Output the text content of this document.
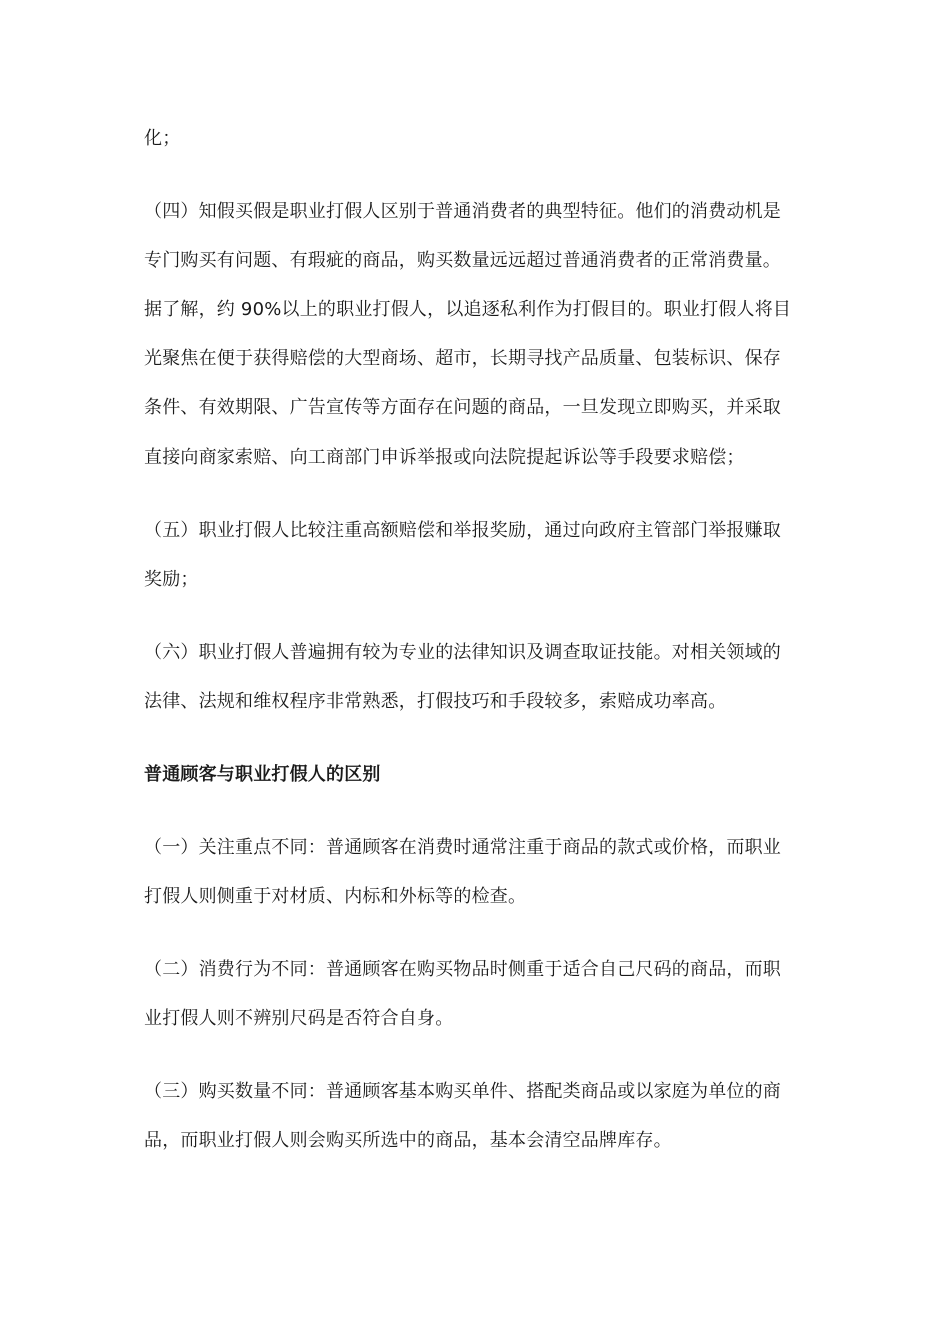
化；
（四）知假买假是职业打假人区别于普通消费者的典型特征。他们的消费动机是
专门购买有问题、有瑕疵的商品，购买数量远远超过普通消费者的正常消费量。
据了解，约 90%以上的职业打假人，以追逐私利作为打假目的。职业打假人将目
光聚焦在便于获得赔偿的大型商场、超市，长期寻找产品质量、包装标识、保存
条件、有效期限、广告宣传等方面存在问题的商品，一旦发现立即购买，并采取
直接向商家索赔、向工商部门申诉举报或向法院提起诉讼等手段要求赔偿；
（五）职业打假人比较注重高额赔偿和举报奖励，通过向政府主管部门举报赚取
奖励；
（六）职业打假人普遍拥有较为专业的法律知识及调查取证技能。对相关领域的
法律、法规和维权程序非常熟悉，打假技巧和手段较多，索赔成功率高。
普通顾客与职业打假人的区别
（一）关注重点不同：普通顾客在消费时通常注重于商品的款式或价格，而职业
打假人则侧重于对材质、内标和外标等的检查。
（二）消费行为不同：普通顾客在购买物品时侧重于适合自己尺码的商品，而职
业打假人则不辨别尺码是否符合自身。
（三）购买数量不同：普通顾客基本购买单件、搭配类商品或以家庭为单位的商
品，而职业打假人则会购买所选中的商品，基本会清空品牌库存。
